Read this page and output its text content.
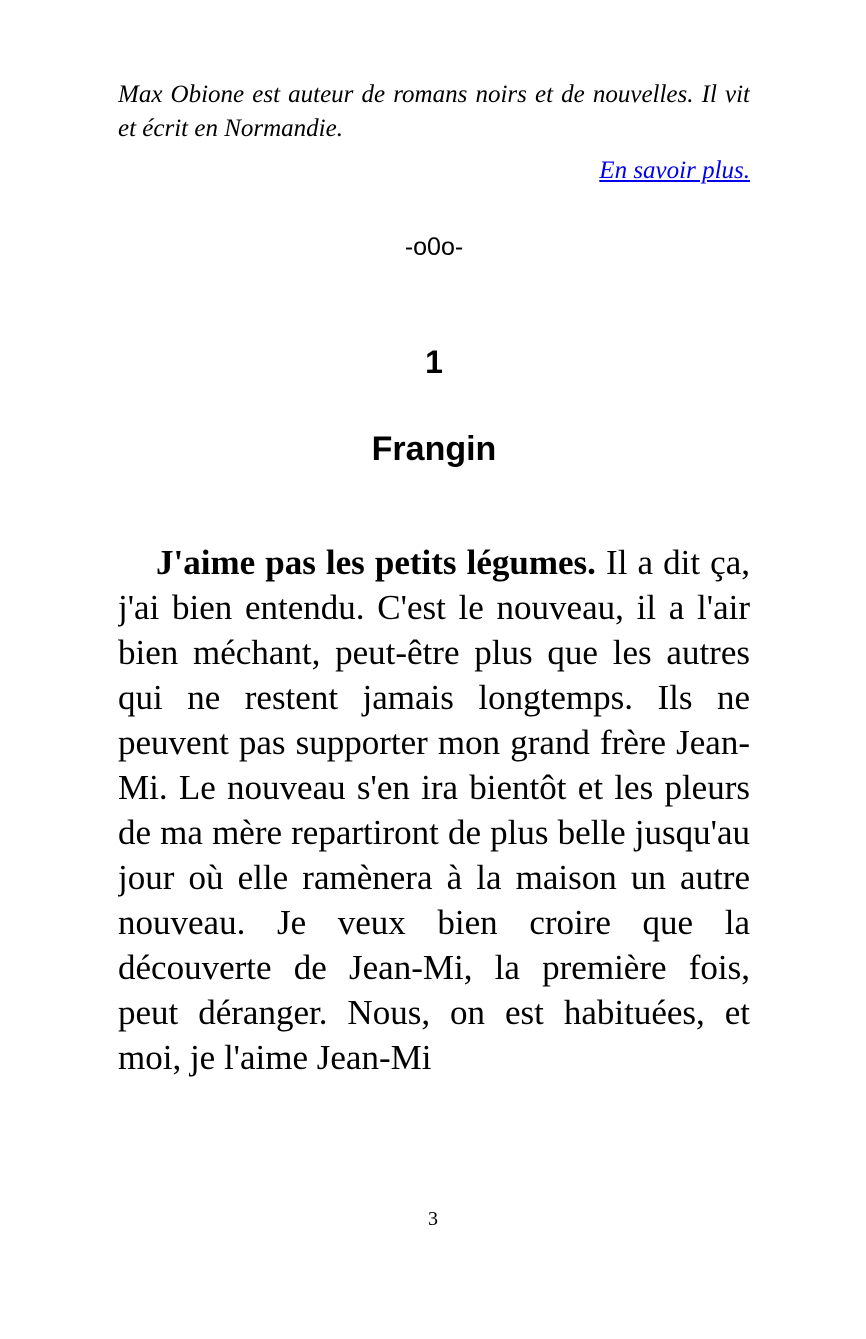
Max Obione est auteur de romans noirs et de nouvelles. Il vit et écrit en Normandie.

En savoir plus.
-o0o-
1
Frangin

J'aime pas les petits légumes. Il a dit ça, j'ai bien entendu. C'est le nouveau, il a l'air bien méchant, peut-être plus que les autres qui ne restent jamais longtemps. Ils ne peuvent pas supporter mon grand frère Jean-Mi. Le nouveau s'en ira bientôt et les pleurs de ma mère repartiront de plus belle jusqu'au jour où elle ramènera à la maison un autre nouveau. Je veux bien croire que la découverte de Jean-Mi, la première fois, peut déranger. Nous, on est habituées, et moi, je l'aime Jean-Mi

3
